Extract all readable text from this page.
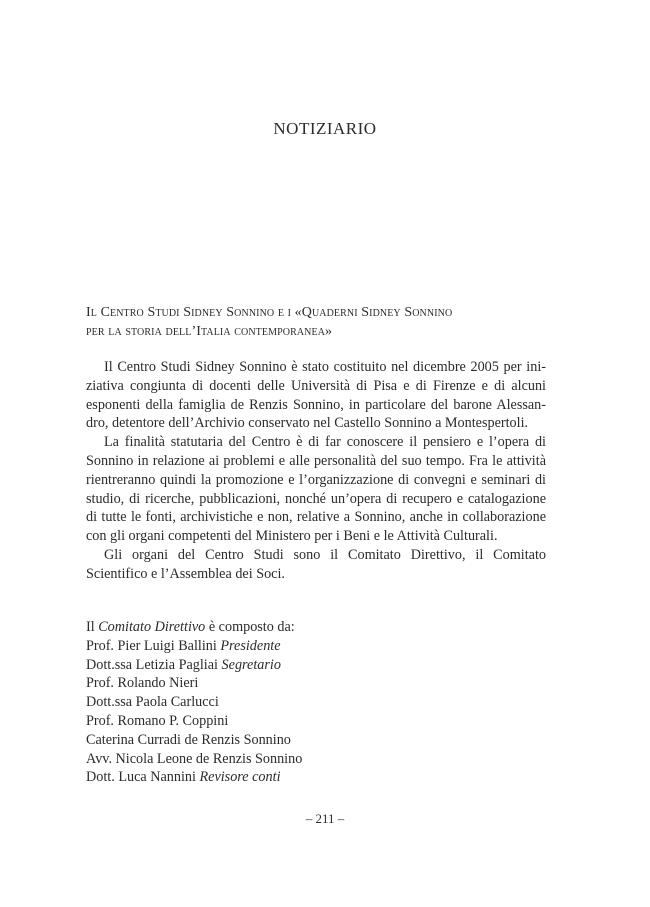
NOTIZIARIO
Il Centro Studi Sidney Sonnino e i «Quaderni Sidney Sonnino
per la storia dell’Italia contemporanea»

Il Centro Studi Sidney Sonnino è stato costituito nel dicembre 2005 per iniziativa congiunta di docenti delle Università di Pisa e di Firenze e di alcuni esponenti della famiglia de Renzis Sonnino, in particolare del barone Alessandro, detentore dell’Archivio conservato nel Castello Sonnino a Montespertoli.

La finalità statutaria del Centro è di far conoscere il pensiero e l’opera di Sonnino in relazione ai problemi e alle personalità del suo tempo. Fra le attività rientreranno quindi la promozione e l’organizzazione di convegni e seminari di studio, di ricerche, pubblicazioni, nonché un’opera di recupero e catalogazione di tutte le fonti, archivistiche e non, relative a Sonnino, anche in collaborazione con gli organi competenti del Ministero per i Beni e le Attività Culturali.

Gli organi del Centro Studi sono il Comitato Direttivo, il Comitato Scientifico e l’Assemblea dei Soci.

Il Comitato Direttivo è composto da:
Prof. Pier Luigi Ballini Presidente
Dott.ssa Letizia Pagliai Segretario
Prof. Rolando Nieri
Dott.ssa Paola Carlucci
Prof. Romano P. Coppini
Caterina Curradi de Renzis Sonnino
Avv. Nicola Leone de Renzis Sonnino
Dott. Luca Nannini Revisore conti
– 211 –
